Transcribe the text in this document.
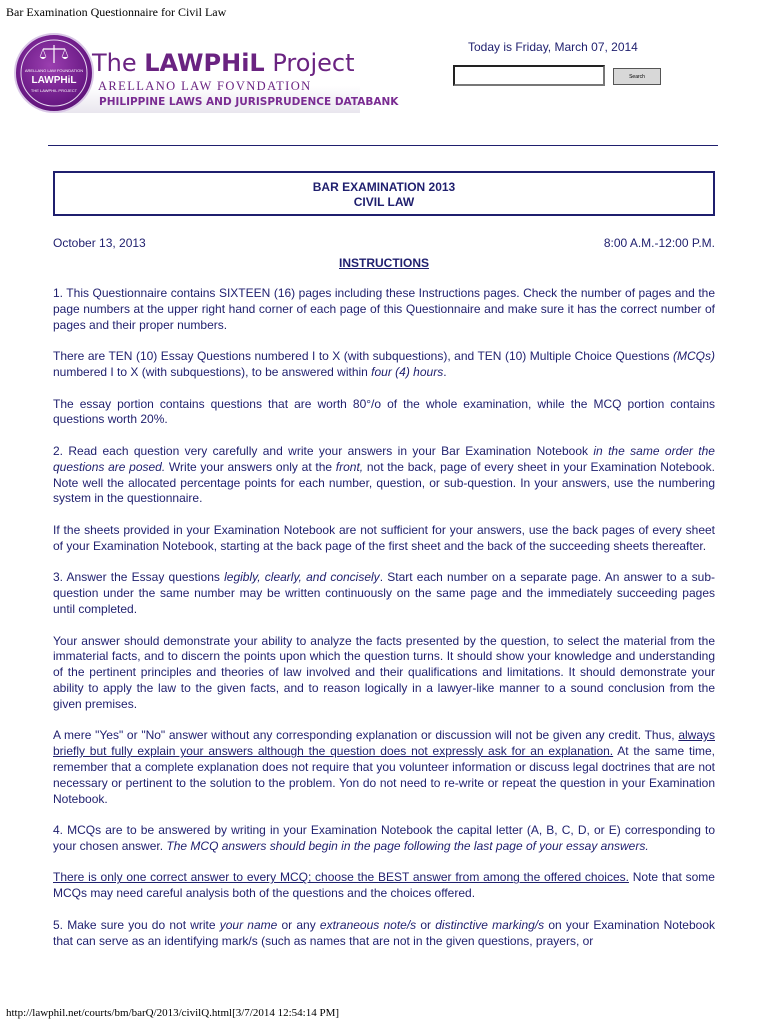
Bar Examination Questionnaire for Civil Law
ARELLANO LAW FOUNDATION
LAWPHiL
THE LAWPHIL PROJECT
The LAWPHiL Project
ARELLANO LAW FOVNDATION
PHILIPPINE LAWS AND JURISPRUDENCE DATABANK
Today is Friday, March 07, 2014
Search
BAR EXAMINATION 2013
CIVIL LAW
October 13, 2013	8:00 A.M.-12:00 P.M.
INSTRUCTIONS

1. This Questionnaire contains SIXTEEN (16) pages including these Instructions pages. Check the number of pages and the page numbers at the upper right hand corner of each page of this Questionnaire and make sure it has the correct number of pages and their proper numbers.

There are TEN (10) Essay Questions numbered I to X (with subquestions), and TEN (10) Multiple Choice Questions (MCQs) numbered I to X (with subquestions), to be answered within four (4) hours.

The essay portion contains questions that are worth 80°/o of the whole examination, while the MCQ portion contains questions worth 20%.

2. Read each question very carefully and write your answers in your Bar Examination Notebook in the same order the questions are posed. Write your answers only at the front, not the back, page of every sheet in your Examination Notebook. Note well the allocated percentage points for each number, question, or sub-question. In your answers, use the numbering system in the questionnaire.

If the sheets provided in your Examination Notebook are not sufficient for your answers, use the back pages of every sheet of your Examination Notebook, starting at the back page of the first sheet and the back of the succeeding sheets thereafter.

3. Answer the Essay questions legibly, clearly, and concisely. Start each number on a separate page. An answer to a sub-question under the same number may be written continuously on the same page and the immediately succeeding pages until completed.

Your answer should demonstrate your ability to analyze the facts presented by the question, to select the material from the immaterial facts, and to discern the points upon which the question turns. It should show your knowledge and understanding of the pertinent principles and theories of law involved and their qualifications and limitations. It should demonstrate your ability to apply the law to the given facts, and to reason logically in a lawyer-like manner to a sound conclusion from the given premises.

A mere "Yes" or "No" answer without any corresponding explanation or discussion will not be given any credit. Thus, always briefly but fully explain your answers although the question does not expressly ask for an explanation. At the same time, remember that a complete explanation does not require that you volunteer information or discuss legal doctrines that are not necessary or pertinent to the solution to the problem. Yon do not need to re-write or repeat the question in your Examination Notebook.

4. MCQs are to be answered by writing in your Examination Notebook the capital letter (A, B, C, D, or E) corresponding to your chosen answer. The MCQ answers should begin in the page following the last page of your essay answers.

There is only one correct answer to every MCQ; choose the BEST answer from among the offered choices. Note that some MCQs may need careful analysis both of the questions and the choices offered.

5. Make sure you do not write your name or any extraneous note/s or distinctive marking/s on your Examination Notebook that can serve as an identifying mark/s (such as names that are not in the given questions, prayers, or

http://lawphil.net/courts/bm/barQ/2013/civilQ.html[3/7/2014 12:54:14 PM]
